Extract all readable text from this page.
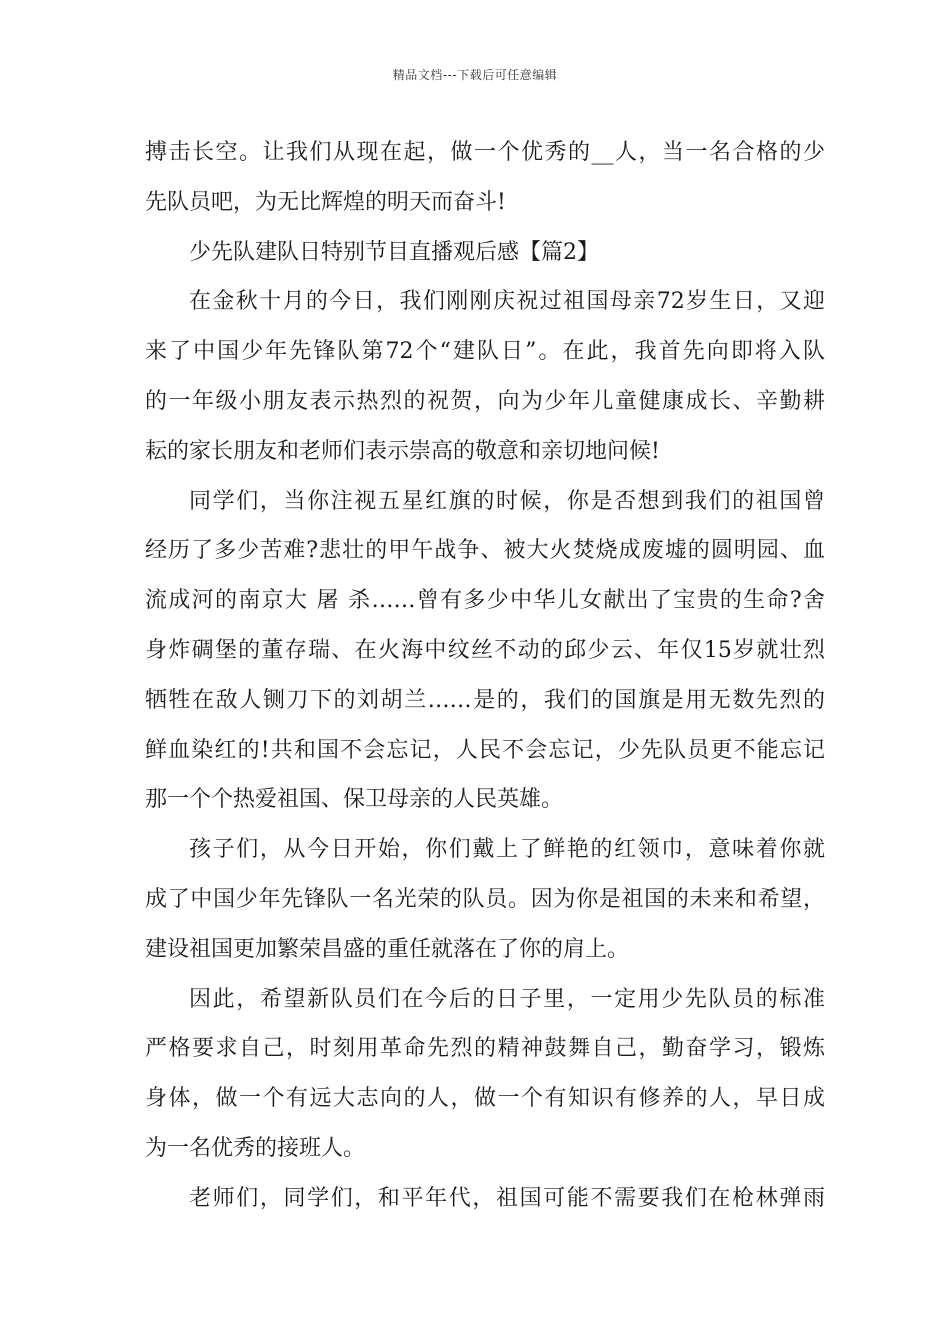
精品文档---下载后可任意编辑
搏击长空。让我们从现在起，做一个优秀的__人，当一名合格的少
先队员吧，为无比辉煌的明天而奋斗!
少先队建队日特别节目直播观后感【篇2】
在金秋十月的今日，我们刚刚庆祝过祖国母亲72岁生日，又迎
来了中国少年先锋队第72个“建队日”。在此，我首先向即将入队
的一年级小朋友表示热烈的祝贺，向为少年儿童健康成长、辛勤耕
耘的家长朋友和老师们表示崇高的敬意和亲切地问候!
同学们，当你注视五星红旗的时候，你是否想到我们的祖国曾
经历了多少苦难?悲壮的甲午战争、被大火焚烧成废墟的圆明园、血
流成河的南京大 屠 杀……曾有多少中华儿女献出了宝贵的生命?舍
身炸碉堡的董存瑞、在火海中纹丝不动的邱少云、年仅15岁就壮烈
牺牲在敌人铡刀下的刘胡兰……是的，我们的国旗是用无数先烈的
鲜血染红的!共和国不会忘记，人民不会忘记，少先队员更不能忘记
那一个个热爱祖国、保卫母亲的人民英雄。
孩子们，从今日开始，你们戴上了鲜艳的红领巾，意味着你就
成了中国少年先锋队一名光荣的队员。因为你是祖国的未来和希望，
建设祖国更加繁荣昌盛的重任就落在了你的肩上。
因此，希望新队员们在今后的日子里，一定用少先队员的标准
严格要求自己，时刻用革命先烈的精神鼓舞自己，勤奋学习，锻炼
身体，做一个有远大志向的人，做一个有知识有修养的人，早日成
为一名优秀的接班人。
老师们，同学们，和平年代，祖国可能不需要我们在枪林弹雨
